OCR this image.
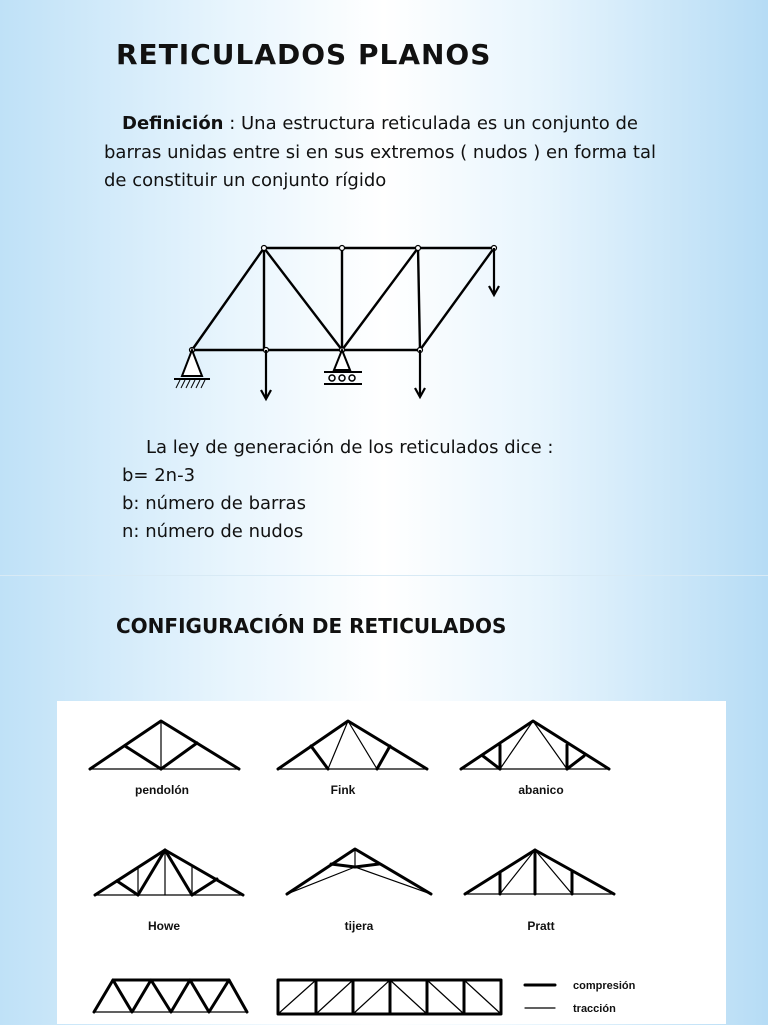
RETICULADOS PLANOS

Definición : Una estructura reticulada es un conjunto de barras unidas entre si en sus extremos ( nudos ) en forma tal de constituir un conjunto rígido

La ley de generación de los reticulados dice :
b= 2n-3
b: número de barras
n: número de nudos
CONFIGURACIÓN DE RETICULADOS
pendolón	Fink	abanico
Howe	tijera	Pratt
compresión
tracción
